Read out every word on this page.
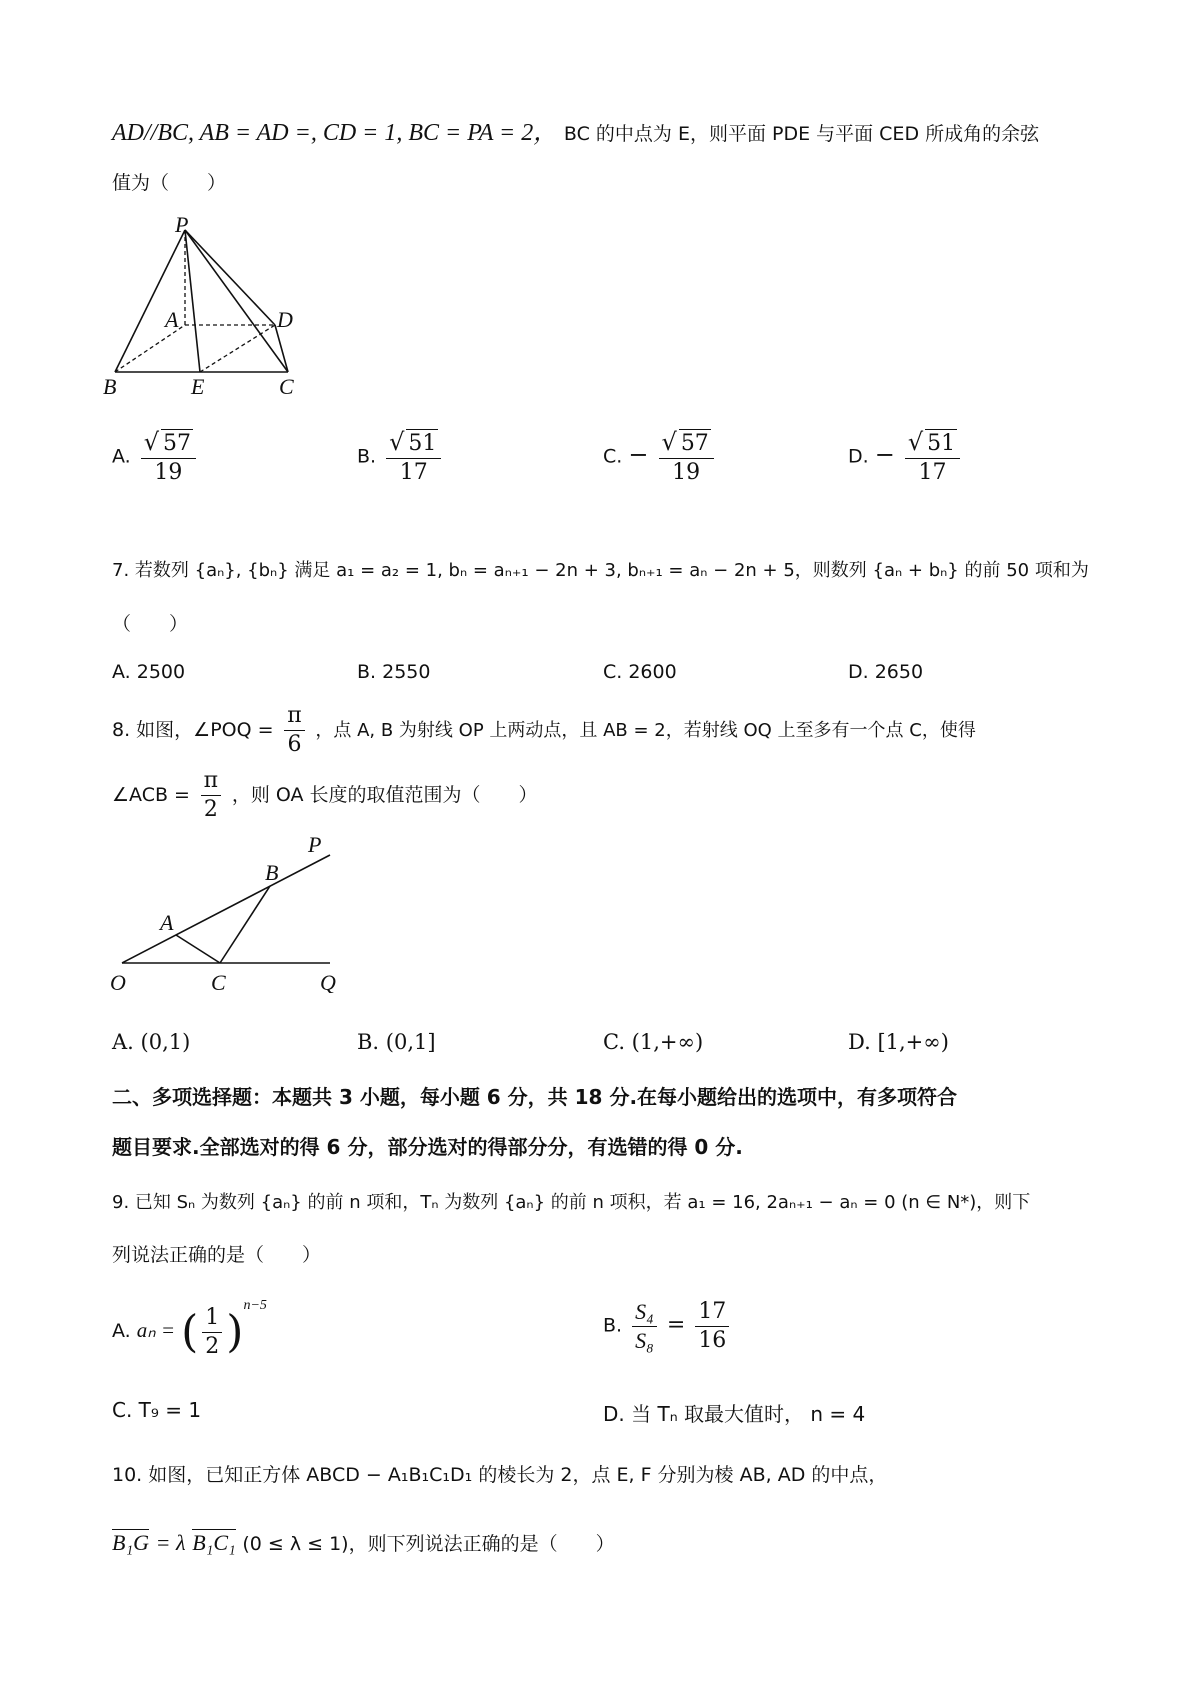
AD//BC, AB = AD =, CD = 1, BC = PA = 2， BC 的中点为 E，则平面 PDE 与平面 CED 所成角的余弦
值为（　　）
P
A	D
B	E	C
A. $\frac{√ 57}{19}$	B. $\frac{√ 51}{17}$	C. − $\frac{√ 57}{19}$	D. − $\frac{√ 51}{17}$
7. 若数列 {aₙ}, {bₙ} 满足 a₁ = a₂ = 1, bₙ = aₙ₊₁ − 2n + 3, bₙ₊₁ = aₙ − 2n + 5，则数列 {aₙ + bₙ} 的前 50 项和为
（　　）
A. 2500	B. 2550	C. 2600	D. 2650
8. 如图，∠POQ = $\frac{\pi}{6}$ ，点 A, B 为射线 OP 上两动点，且 AB = 2，若射线 OQ 上至多有一个点 C，使得
∠ACB = $\frac{\pi}{2}$ ，则 OA 长度的取值范围为（　　）
P
B
A
O	C	Q
A. (0,1)	B. (0,1]	C. (1,+∞)	D. [1,+∞)
二、多项选择题：本题共 3 小题，每小题 6 分，共 18 分.在每小题给出的选项中，有多项符合
题目要求.全部选对的得 6 分，部分选对的得部分分，有选错的得 0 分.
9. 已知 Sₙ 为数列 {aₙ} 的前 n 项和，Tₙ 为数列 {aₙ} 的前 n 项积，若 a₁ = 16, 2aₙ₊₁ − aₙ = 0 (n ∈ N*)，则下
列说法正确的是（　　）
A. aₙ = ( $\frac{1}{2} )^{n-5}$
B. $\frac{\text{S₄}}{\text{S₈}} = \frac{17}{16}$
C. T₉ = 1	D. 当 Tₙ 取最大值时， n = 4
10. 如图，已知正方体 ABCD − A₁B₁C₁D₁ 的棱长为 2，点 E, F 分别为棱 AB, AD 的中点，
B₁G = λ B₁C₁ (0 ≤ λ ≤ 1)，则下列说法正确的是（　　）
